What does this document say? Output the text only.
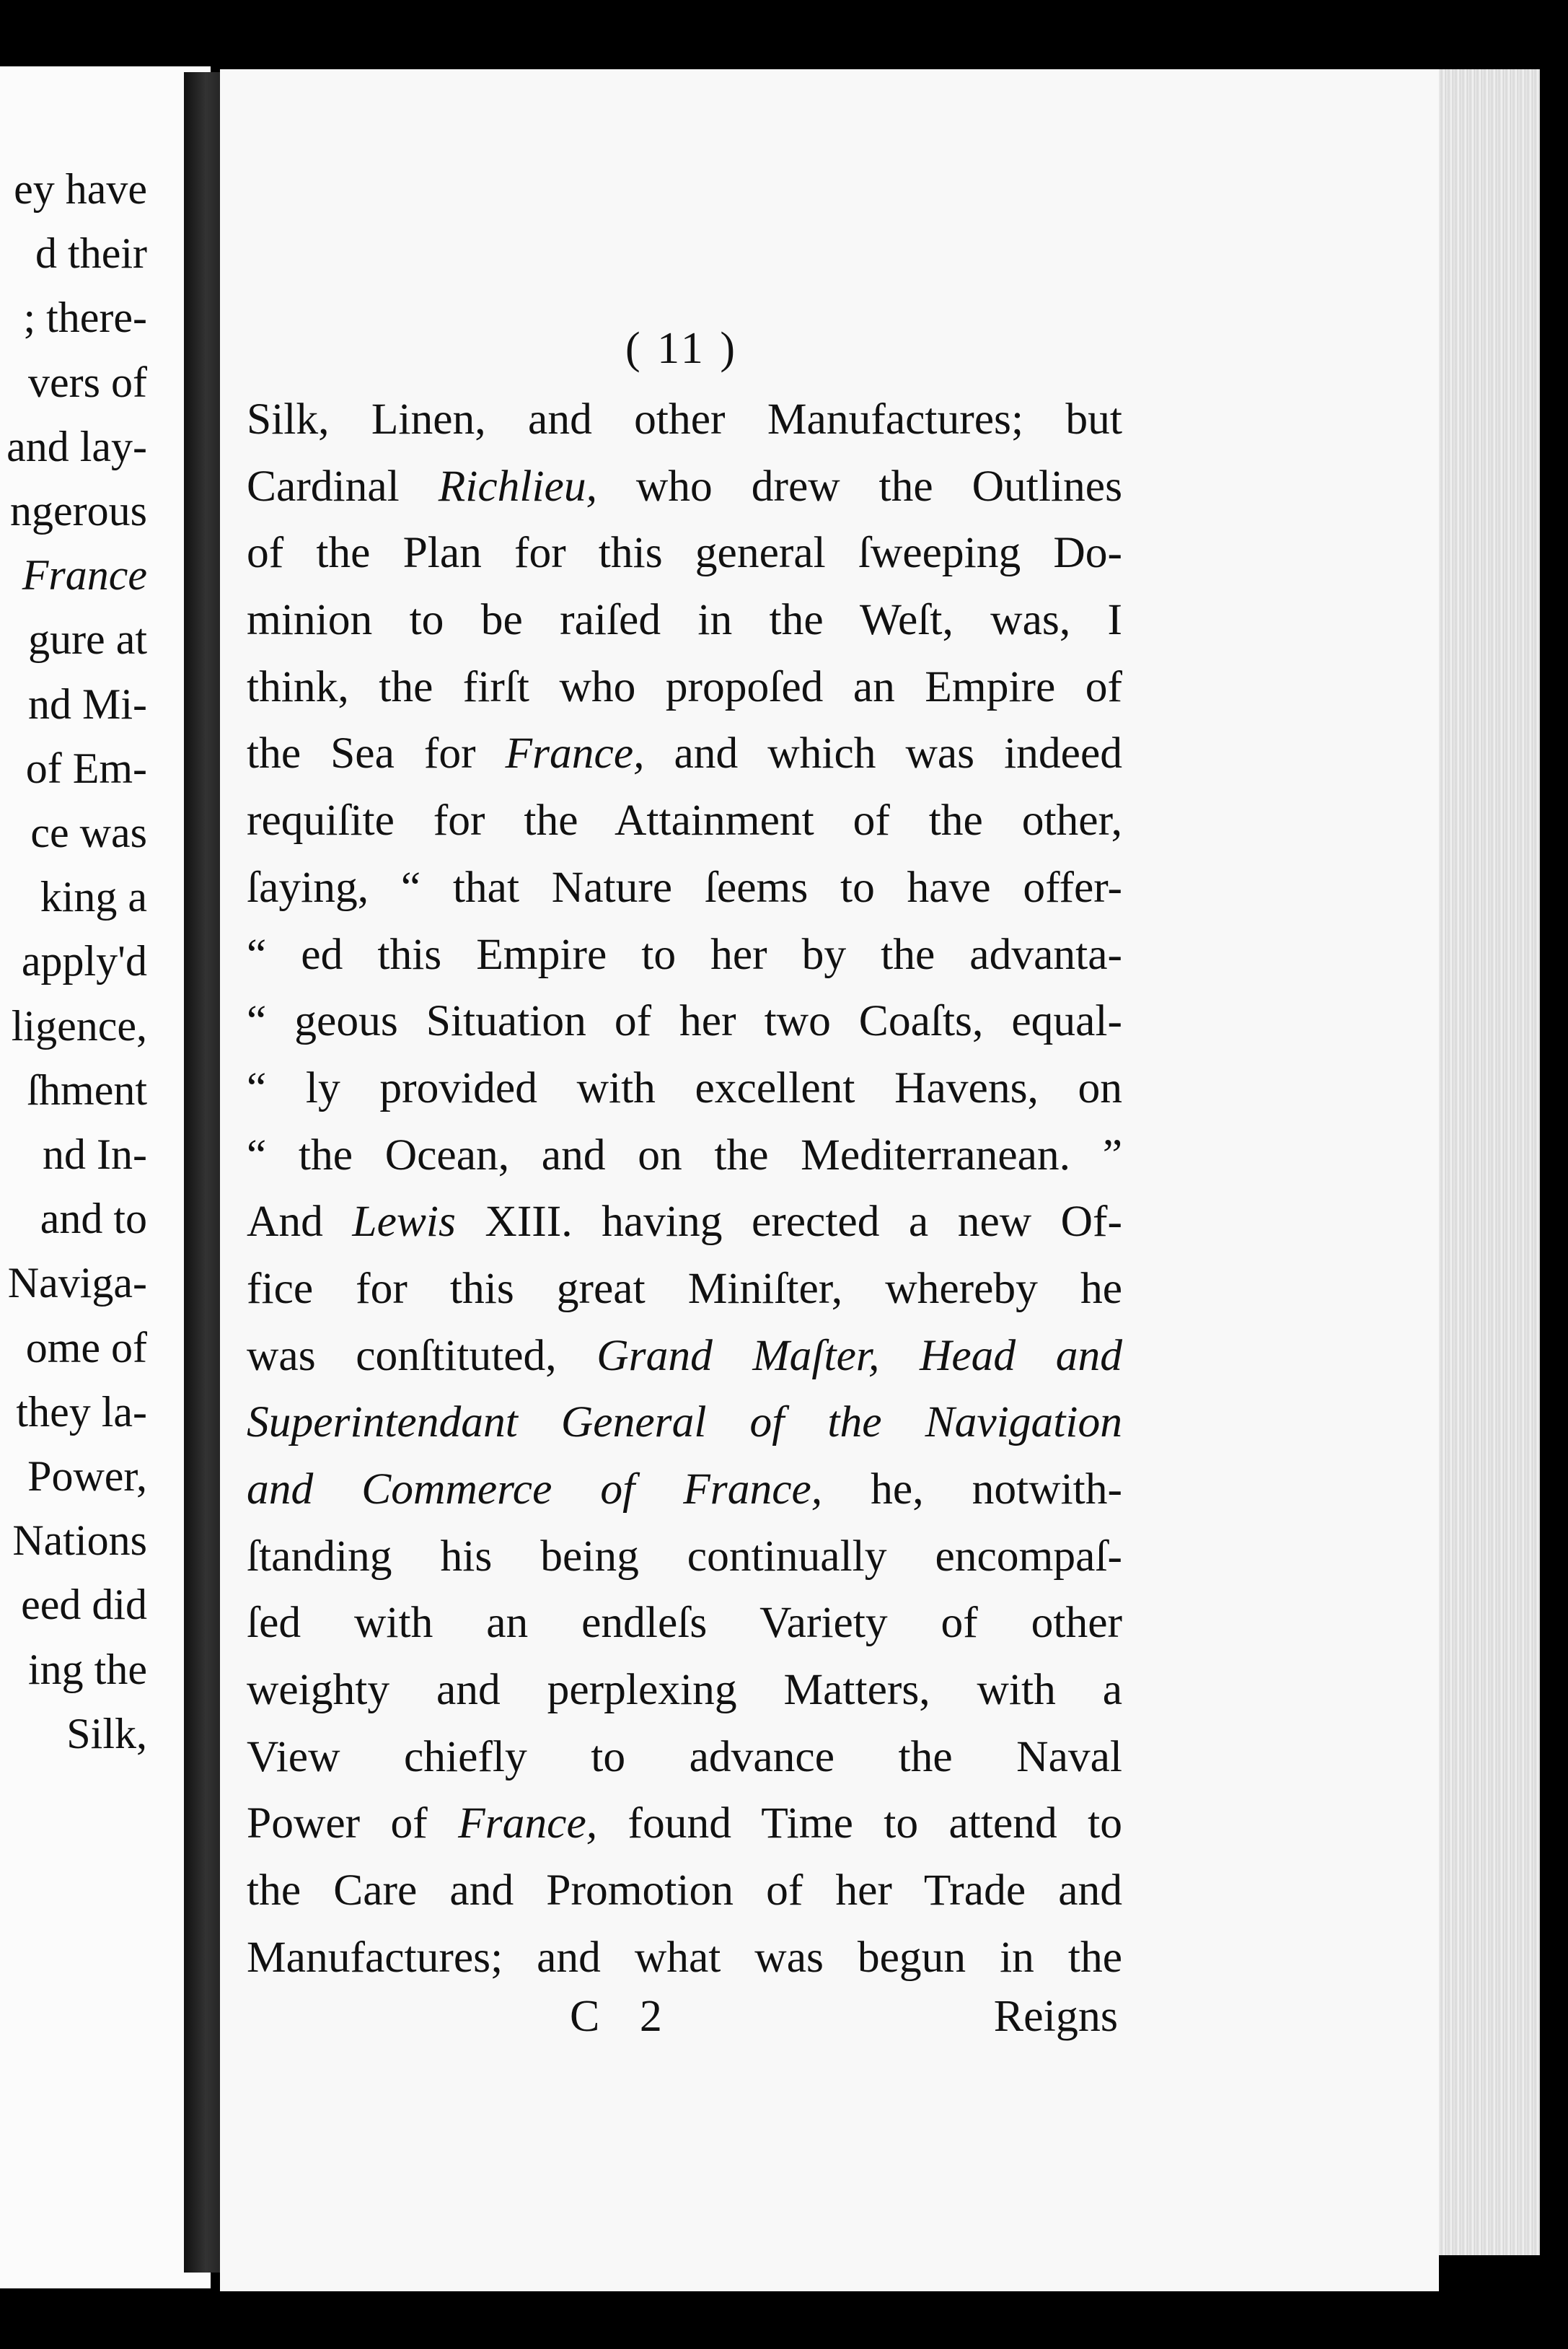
ey have
d their
; there-
vers of
and lay-
ngerous
France
gure at
nd Mi-
of Em-
ce was
king a
apply'd
ligence,
ſhment
nd In-
and to
Naviga-
ome of
they la-
Power,
Nations
eed did
ing the
Silk,
( 11 )
Silk, Linen, and other Manufactures; but
Cardinal Richlieu, who drew the Outlines
of the Plan for this general ſweeping Do-
minion to be raiſed in the Weſt, was, I
think, the firſt who propoſed an Empire of
the Sea for France, and which was indeed
requiſite for the Attainment of the other,
ſaying, “ that Nature ſeems to have offer-
“ ed this Empire to her by the advanta-
“ geous Situation of her two Coaſts, equal-
“ ly provided with excellent Havens, on
“ the Ocean, and on the Mediterranean. ”
And Lewis XIII. having erected a new Of-
fice for this great Miniſter, whereby he
was conſtituted, Grand Maſter, Head and
Superintendant General of the Navigation
and Commerce of France, he, notwith-
ſtanding his being continually encompaſ-
ſed with an endleſs Variety of other
weighty and perplexing Matters, with a
View chiefly to advance the Naval
Power of France, found Time to attend to
the Care and Promotion of her Trade and
Manufactures; and what was begun in the
C 2	Reigns
